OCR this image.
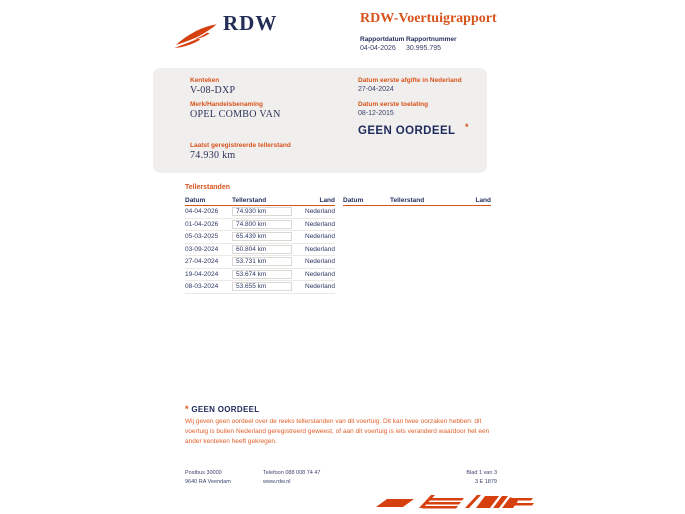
RDW	RDW-Voertuigrapport
Rapportdatum
04-04-2026
Rapportnummer
30.995.795
Kenteken
V-08-DXP
Merk/Handelsbenaming
OPEL COMBO VAN
Laatst geregistreerde tellerstand
74.930 km
Datum eerste afgifte in Nederland
27-04-2024
Datum eerste toelating
08-12-2015
GEEN OORDEEL *
Tellerstanden
Datum	Tellerstand	Land
04-04-2026	74.930 km	Nederland
01-04-2026	74.800 km	Nederland
05-03-2025	65.439 km	Nederland
03-09-2024	60.804 km	Nederland
27-04-2024	53.731 km	Nederland
19-04-2024	53.674 km	Nederland
08-03-2024	53.655 km	Nederland
Datum	Tellerstand	Land
* GEEN OORDEEL
Wij geven geen oordeel over de reeks tellerstanden van dit voertuig. Dit kan twee oorzaken hebben: dit voertuig is buiten Nederland geregistreerd geweest, of aan dit voertuig is iets veranderd waardoor het een ander kenteken heeft gekregen.
Postbus 30000
9640 RA Veendam
Telefoon 088 008 74 47
www.rdw.nl
Blad 1 van 3
3 E 1879
